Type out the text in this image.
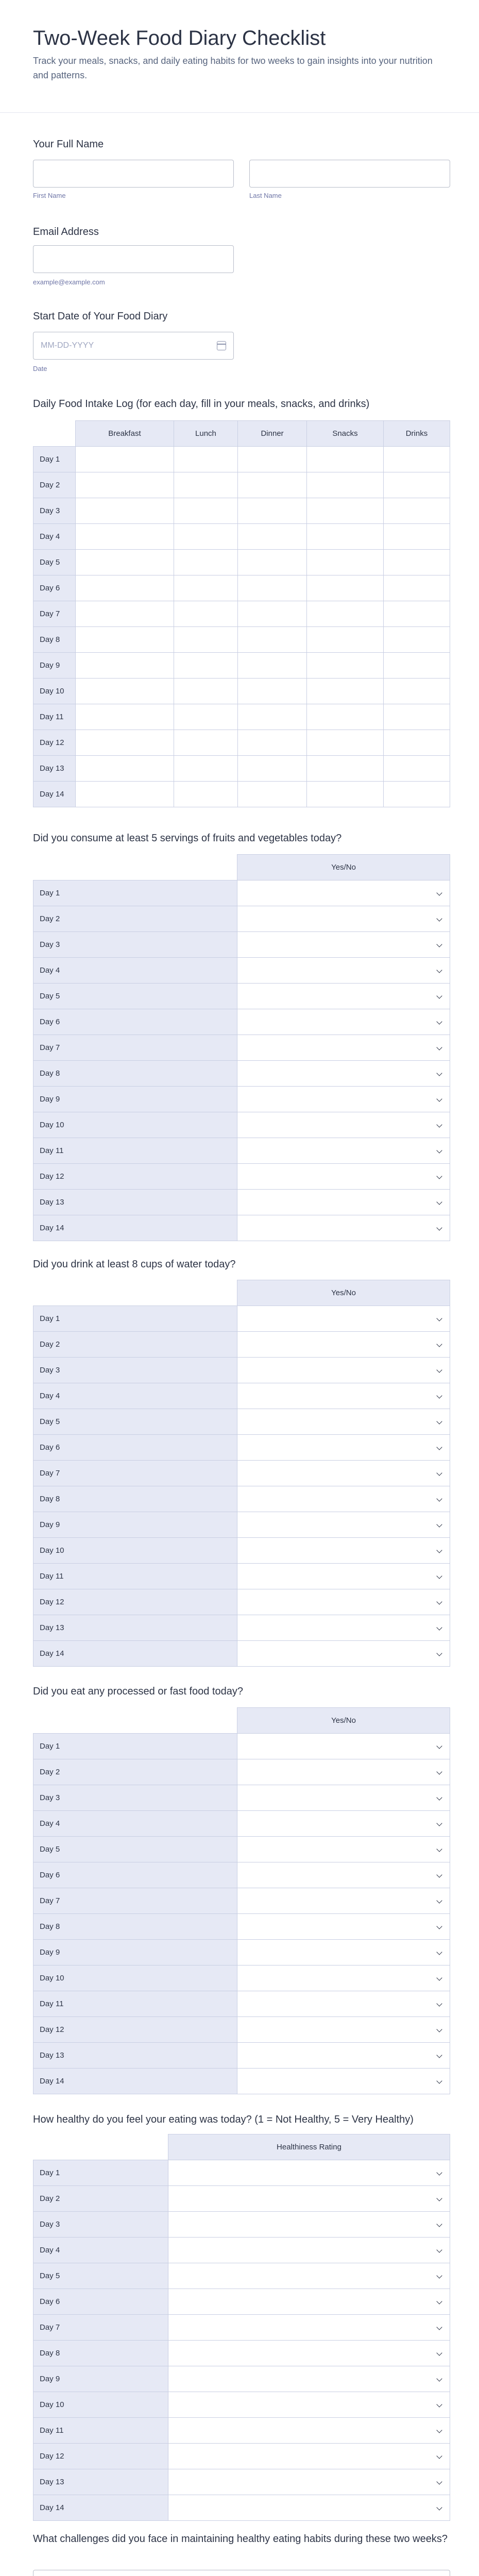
Two-Week Food Diary Checklist
Track your meals, snacks, and daily eating habits for two weeks to gain insights into your nutrition and patterns.
Your Full Name
First Name	Last Name
Email Address
example@example.com
Start Date of Your Food Diary
MM-DD-YYYY
Date
Daily Food Intake Log (for each day, fill in your meals, snacks, and drinks)
	Breakfast	Lunch	Dinner	Snacks	Drinks
Day 1					
Day 2					
Day 3					
Day 4					
Day 5					
Day 6					
Day 7					
Day 8					
Day 9					
Day 10					
Day 11					
Day 12					
Day 13					
Day 14					
Did you consume at least 5 servings of fruits and vegetables today?
	Yes/No
Day 1	

Day 2	

Day 3	

Day 4	

Day 5	

Day 6	

Day 7	

Day 8	

Day 9	

Day 10	

Day 11	

Day 12	

Day 13	

Day 14	
Did you drink at least 8 cups of water today?
	Yes/No
Day 1	

Day 2	

Day 3	

Day 4	

Day 5	

Day 6	

Day 7	

Day 8	

Day 9	

Day 10	

Day 11	

Day 12	

Day 13	

Day 14	
Did you eat any processed or fast food today?
	Yes/No
Day 1	

Day 2	

Day 3	

Day 4	

Day 5	

Day 6	

Day 7	

Day 8	

Day 9	

Day 10	

Day 11	

Day 12	

Day 13	

Day 14	
How healthy do you feel your eating was today? (1 = Not Healthy, 5 = Very Healthy)
	Healthiness Rating
Day 1	

Day 2	

Day 3	

Day 4	

Day 5	

Day 6	

Day 7	

Day 8	

Day 9	

Day 10	

Day 11	

Day 12	

Day 13	

Day 14	
What challenges did you face in maintaining healthy eating habits during these two weeks?
